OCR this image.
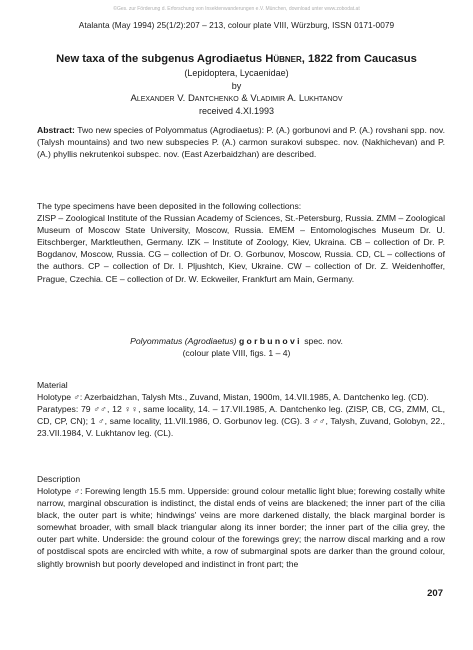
©Ges. zur Förderung d. Erforschung von Insektenwanderungen e.V. München, download unter www.zobodat.at
Atalanta (May 1994) 25(1/2):207 – 213, colour plate VIII, Würzburg, ISSN 0171-0079
New taxa of the subgenus Agrodiaetus Hübner, 1822 from Caucasus
(Lepidoptera, Lycaenidae)
by
Alexander V. Dantchenko & Vladimir A. Lukhtanov
received 4.XI.1993
Abstract: Two new species of Polyommatus (Agrodiaetus): P. (A.) gorbunovi and P. (A.) rovshani spp. nov. (Talysh mountains) and two new subspecies P. (A.) carmon surakovi subspec. nov. (Nakhichevan) and P. (A.) phyllis nekrutenkoi subspec. nov. (East Azerbaidzhan) are described.
The type specimens have been deposited in the following collections:
ZISP – Zoological Institute of the Russian Academy of Sciences, St.-Petersburg, Russia. ZMM – Zoological Museum of Moscow State University, Moscow, Russia. EMEM – Entomologisches Museum Dr. U. Eitschberger, Marktleuthen, Germany. IZK – Institute of Zoology, Kiev, Ukraina. CB – collection of Dr. P. Bogdanov, Moscow, Russia. CG – collection of Dr. O. Gorbunov, Moscow, Russia. CD, CL – collections of the authors. CP – collection of Dr. I. Pljushtch, Kiev, Ukraine. CW – collection of Dr. Z. Weidenhoffer, Prague, Czechia. CE – collection of Dr. W. Eckweiler, Frankfurt am Main, Germany.
Polyommatus (Agrodiaetus) gorbunovi spec. nov.
(colour plate VIII, figs. 1 – 4)
Material
Holotype ♂: Azerbaidzhan, Talysh Mts., Zuvand, Mistan, 1900m, 14.VII.1985, A. Dantchenko leg. (CD).
Paratypes: 79 ♂♂, 12 ♀♀, same locality, 14. – 17.VII.1985, A. Dantchenko leg. (ZISP, CB, CG, ZMM, CL, CD, CP, CN); 1 ♂, same locality, 11.VII.1986, O. Gorbunov leg. (CG). 3 ♂♂, Talysh, Zuvand, Golobyn, 22., 23.VII.1984, V. Lukhtanov leg. (CL).
Description
Holotype ♂: Forewing length 15.5 mm. Upperside: ground colour metallic light blue; forewing costally white narrow, marginal obscuration is indistinct, the distal ends of veins are blackened; the inner part of the cilia black, the outer part is white; hindwings' veins are more darkened distally, the black marginal border is somewhat broader, with small black triangular along its inner border; the inner part of the cilia grey, the outer part white. Underside: the ground colour of the forewings grey; the narrow discal marking and a row of postdiscal spots are encircled with white, a row of submarginal spots are darker than the ground colour, slightly brownish but poorly developed and indistinct in front part; the
207
